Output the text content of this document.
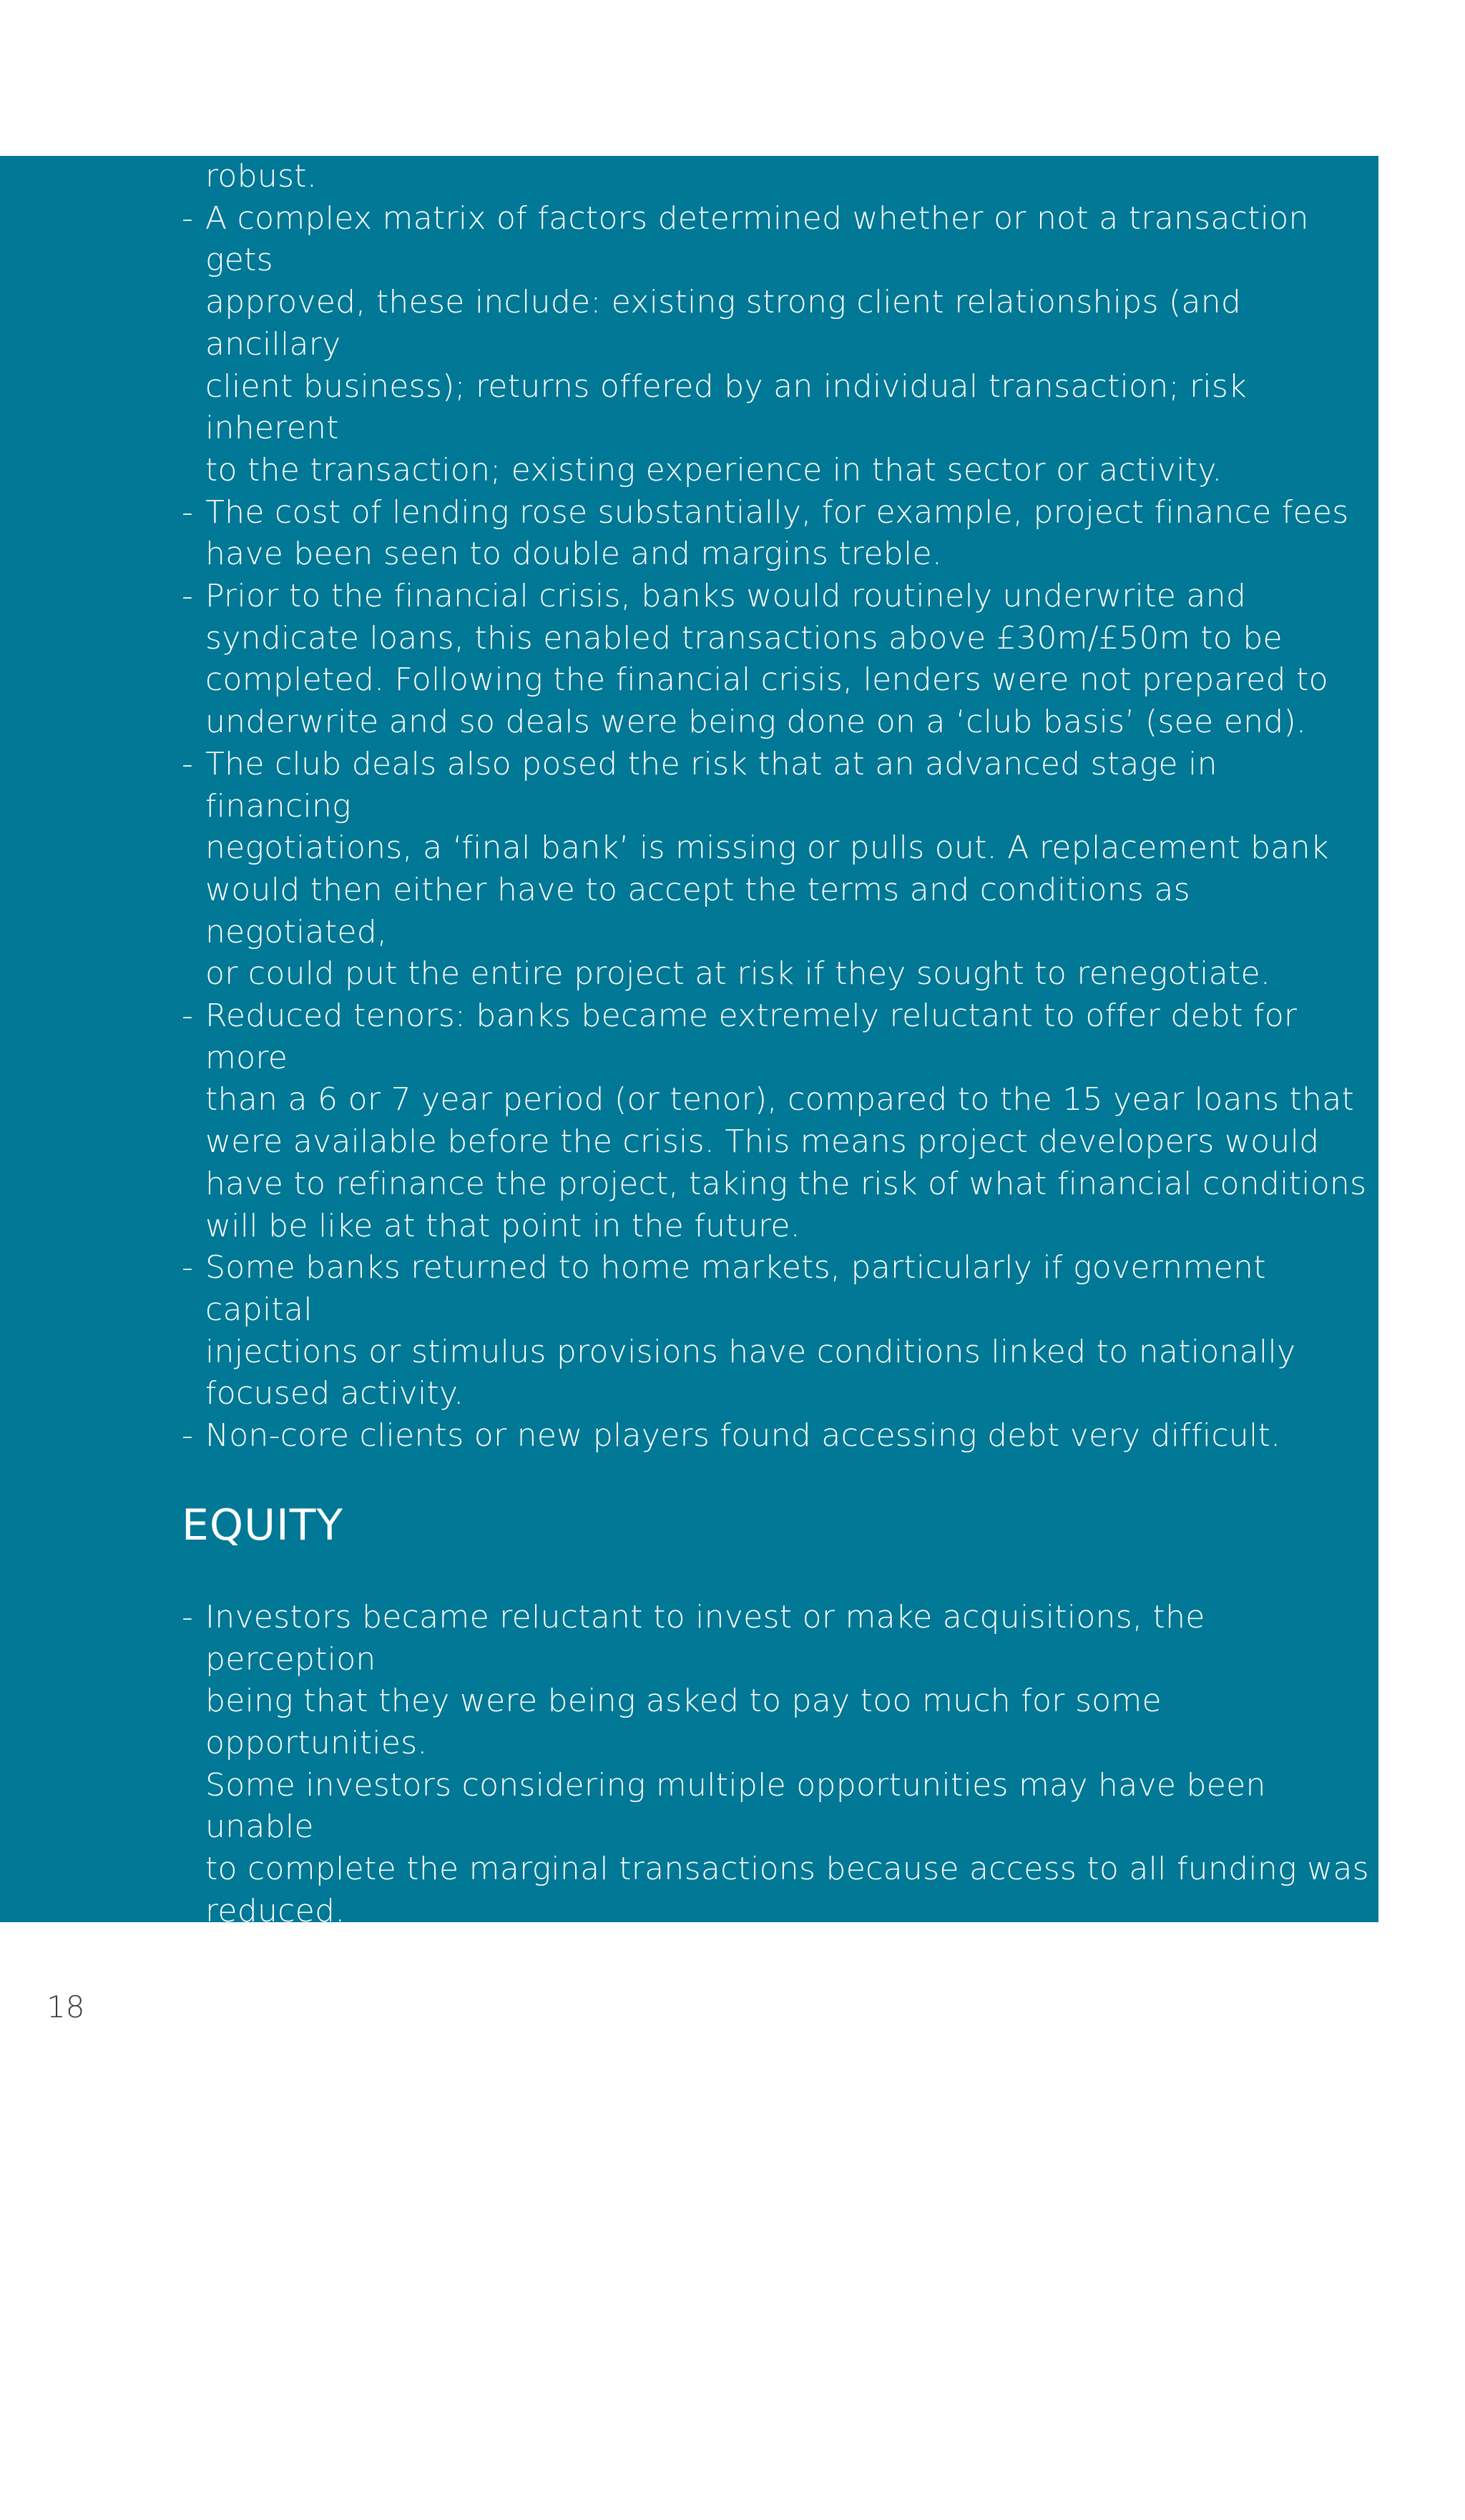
robust.
- A complex matrix of factors determined whether or not a transaction gets
approved, these include: existing strong client relationships (and ancillary
client business); returns offered by an individual transaction; risk inherent
to the transaction; existing experience in that sector or activity.
- The cost of lending rose substantially, for example, project finance fees
have been seen to double and margins treble.
- Prior to the financial crisis, banks would routinely underwrite and
syndicate loans, this enabled transactions above £30m/£50m to be
completed. Following the financial crisis, lenders were not prepared to
underwrite and so deals were being done on a ‘club basis’ (see end).
- The club deals also posed the risk that at an advanced stage in financing
negotiations, a ‘final bank’ is missing or pulls out. A replacement bank
would then either have to accept the terms and conditions as negotiated,
or could put the entire project at risk if they sought to renegotiate.
- Reduced tenors: banks became extremely reluctant to offer debt for more
than a 6 or 7 year period (or tenor), compared to the 15 year loans that
were available before the crisis. This means project developers would
have to refinance the project, taking the risk of what financial conditions
will be like at that point in the future.
- Some banks returned to home markets, particularly if government capital
injections or stimulus provisions have conditions linked to nationally
focused activity.
- Non-core clients or new players found accessing debt very difficult.
EQUITY
- Investors became reluctant to invest or make acquisitions, the perception
being that they were being asked to pay too much for some opportunities.
Some investors considering multiple opportunities may have been unable
to complete the marginal transactions because access to all funding was
reduced.
- Companies, such as project developers, were forced to sell assets or
equity because they cannot access capital elsewhere to construct assets
or service debt.
- The lack of debt available in the market due to problems in the banking
sector meant difficulty for investors completing acquisitions where debt is
required to supplement the available equity, or to enhance equity returns
to an acceptable hurdle level.
- Some investors were being requested by investment committees to justify
investments made at the height of the market (ie pre October 2008) – as
18
